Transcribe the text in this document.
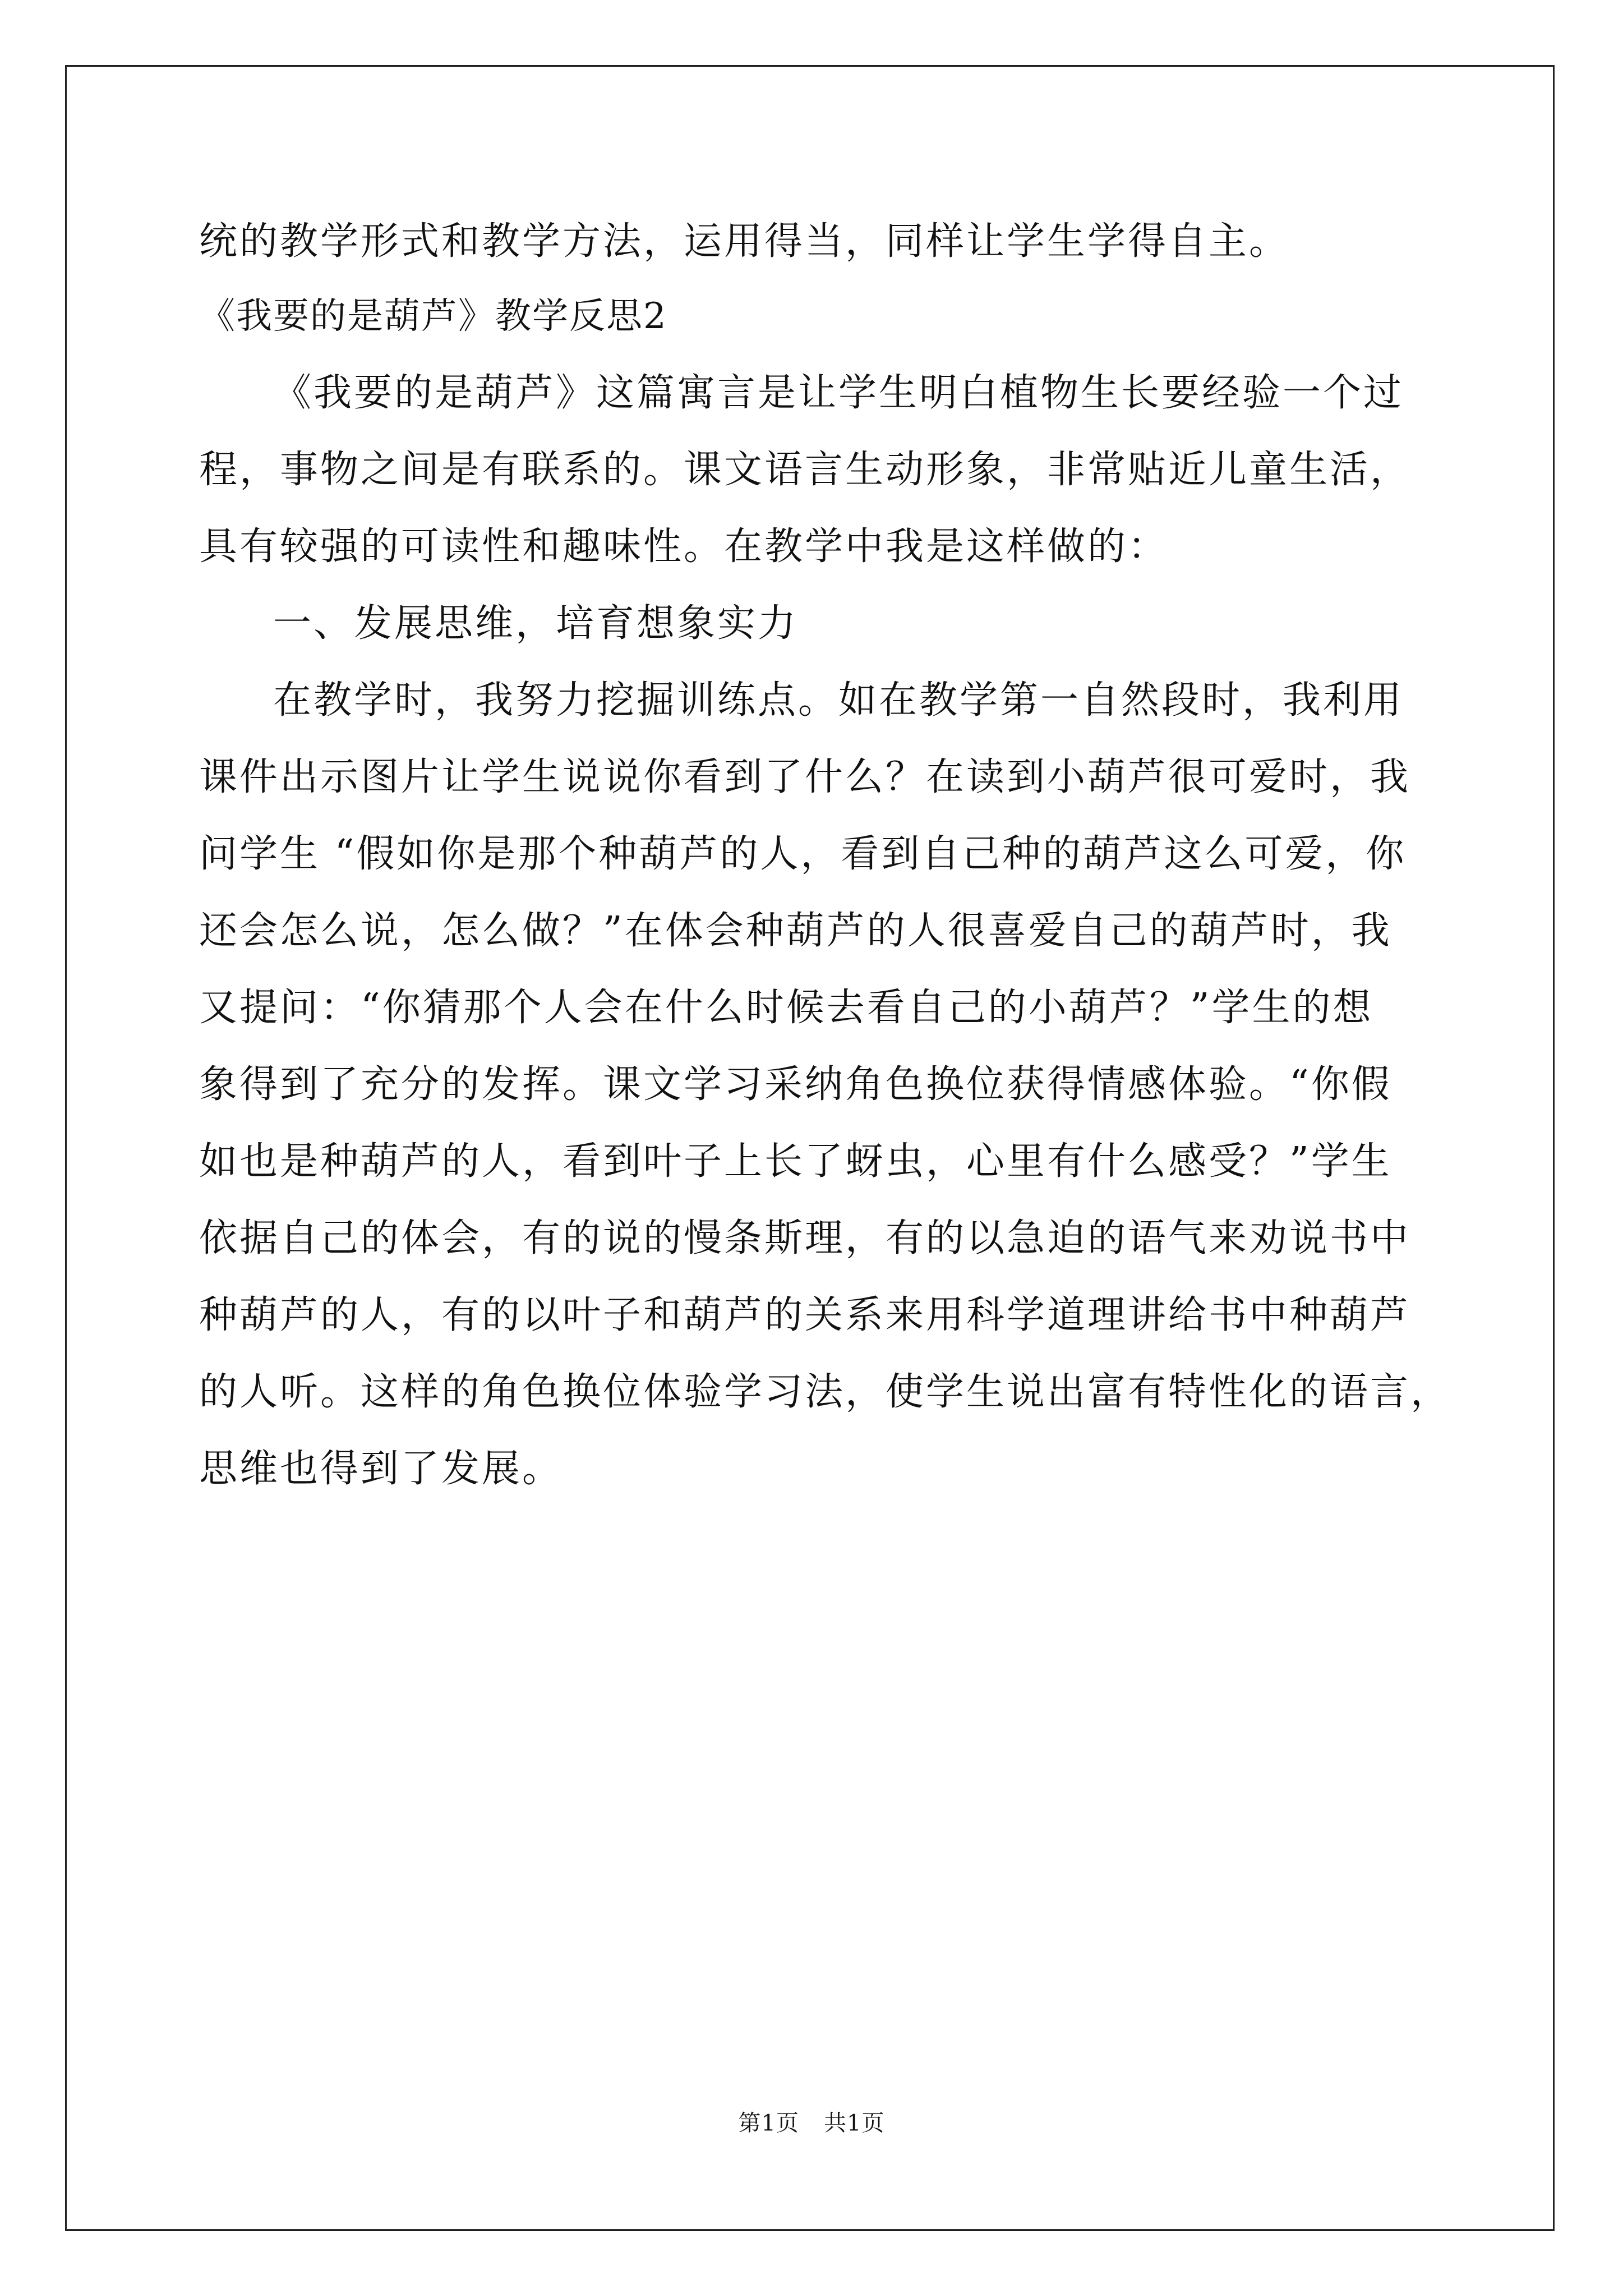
统的教学形式和教学方法，运用得当，同样让学生学得自主。
《我要的是葫芦》教学反思2
《我要的是葫芦》这篇寓言是让学生明白植物生长要经验一个过
程，事物之间是有联系的。课文语言生动形象，非常贴近儿童生活，
具有较强的可读性和趣味性。在教学中我是这样做的：
一、发展思维，培育想象实力
在教学时，我努力挖掘训练点。如在教学第一自然段时，我利用
课件出示图片让学生说说你看到了什么？在读到小葫芦很可爱时，我
问学生 “假如你是那个种葫芦的人，看到自己种的葫芦这么可爱，你
还会怎么说，怎么做？”在体会种葫芦的人很喜爱自己的葫芦时，我
又提问：“你猜那个人会在什么时候去看自己的小葫芦？”学生的想
象得到了充分的发挥。课文学习采纳角色换位获得情感体验。“你假
如也是种葫芦的人，看到叶子上长了蚜虫，心里有什么感受？”学生
依据自己的体会，有的说的慢条斯理，有的以急迫的语气来劝说书中
种葫芦的人，有的以叶子和葫芦的关系来用科学道理讲给书中种葫芦
的人听。这样的角色换位体验学习法，使学生说出富有特性化的语言，
思维也得到了发展。
第1页 共1页
